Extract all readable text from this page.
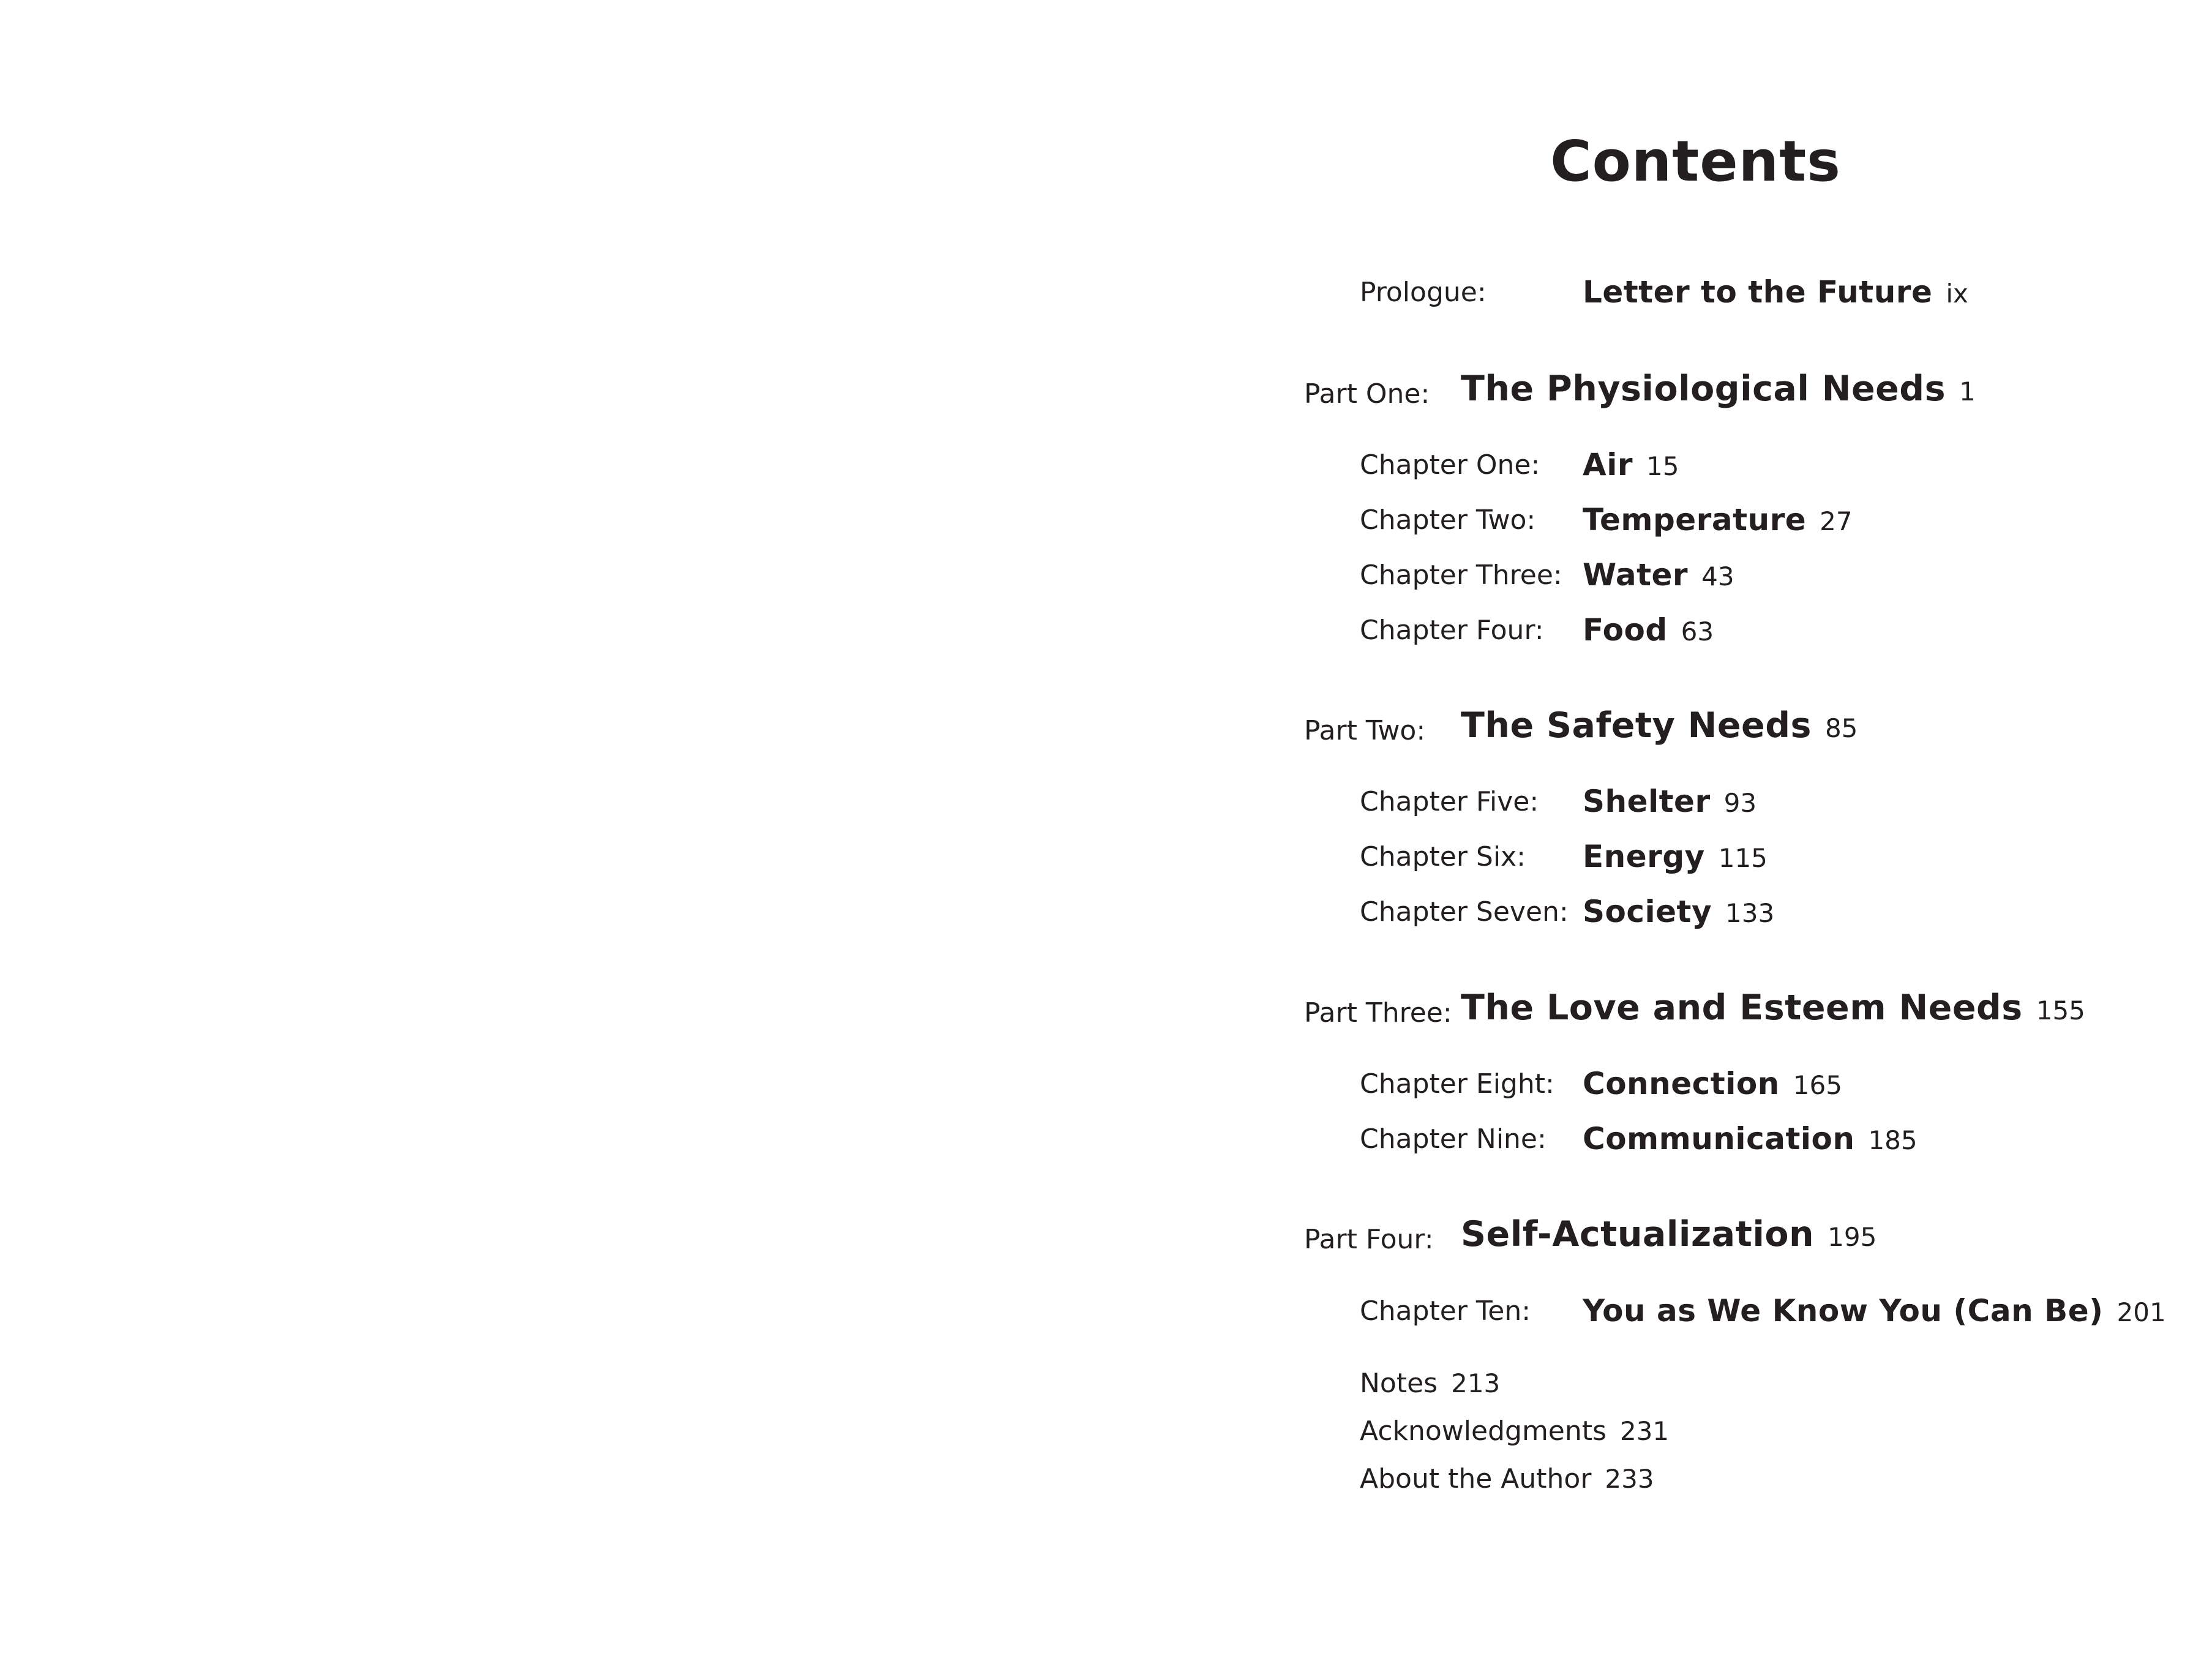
Contents
Prologue:	Letter to the Future ix
Part One: The Physiological Needs 1
Chapter One: Air 15
Chapter Two: Temperature 27
Chapter Three: Water 43
Chapter Four: Food 63
Part Two: The Safety Needs 85
Chapter Five: Shelter 93
Chapter Six: Energy 115
Chapter Seven: Society 133
Part Three: The Love and Esteem Needs 155
Chapter Eight: Connection 165
Chapter Nine: Communication 185
Part Four: Self-Actualization 195
Chapter Ten: You as We Know You (Can Be) 201
Notes 213
Acknowledgments 231
About the Author 233
